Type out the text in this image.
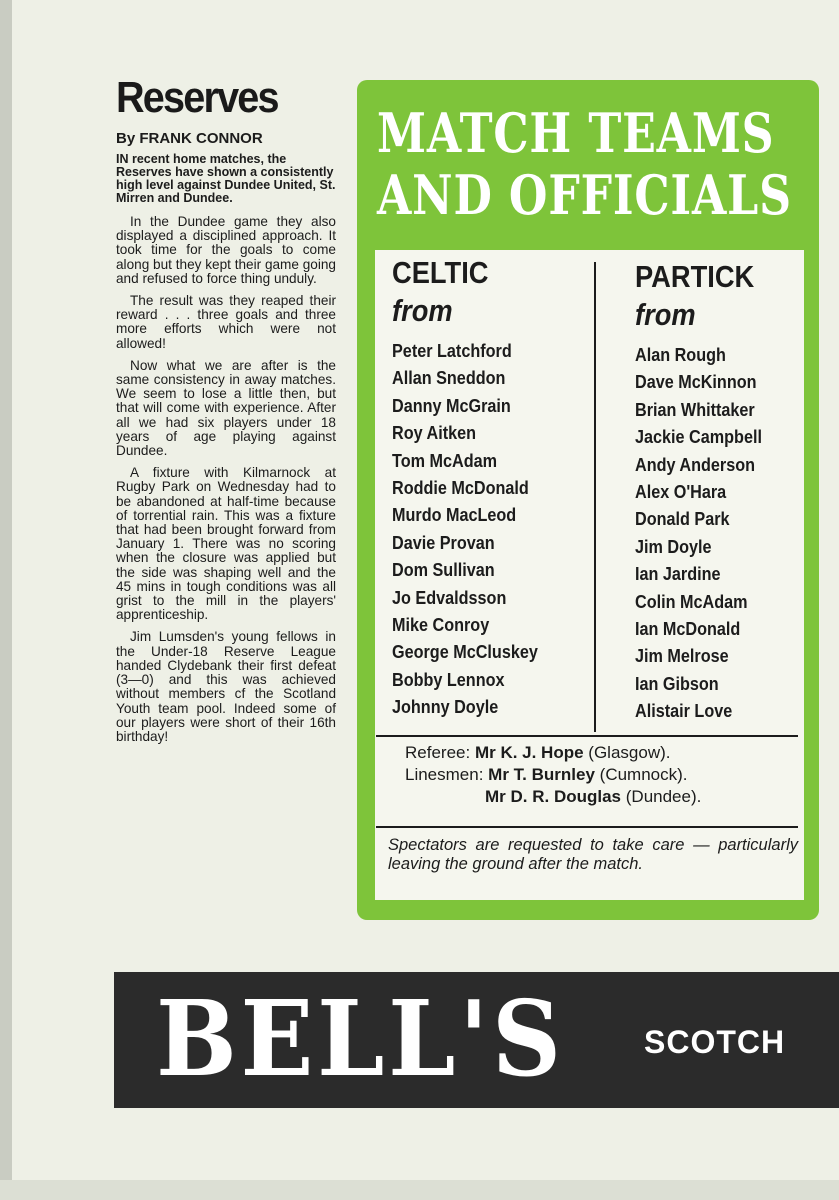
Reserves
By FRANK CONNOR

IN recent home matches, the Reserves have shown a consistently high level against Dundee United, St. Mirren and Dundee.

In the Dundee game they also displayed a disciplined approach. It took time for the goals to come along but they kept their game going and refused to force thing unduly.

The result was they reaped their reward . . . three goals and three more efforts which were not allowed!

Now what we are after is the same consistency in away matches. We seem to lose a little then, but that will come with experience. After all we had six players under 18 years of age playing against Dundee.

A fixture with Kilmarnock at Rugby Park on Wednesday had to be abandoned at half-time because of torrential rain. This was a fixture that had been brought forward from January 1. There was no scoring when the closure was applied but the side was shaping well and the 45 mins in tough conditions was all grist to the mill in the players' apprenticeship.

Jim Lumsden's young fellows in the Under-18 Reserve League handed Clydebank their first defeat (3—0) and this was achieved without members cf the Scotland Youth team pool. Indeed some of our players were short of their 16th birthday!

MATCH TEAMS
AND OFFICIALS
CELTIC
from
Peter Latchford
Allan Sneddon
Danny McGrain
Roy Aitken
Tom McAdam
Roddie McDonald
Murdo MacLeod
Davie Provan
Dom Sullivan
Jo Edvaldsson
Mike Conroy
George McCluskey
Bobby Lennox
Johnny Doyle
PARTICK
from
Alan Rough
Dave McKinnon
Brian Whittaker
Jackie Campbell
Andy Anderson
Alex O'Hara
Donald Park
Jim Doyle
Ian Jardine
Colin McAdam
Ian McDonald
Jim Melrose
Ian Gibson
Alistair Love
Referee: Mr K. J. Hope (Glasgow).
Linesmen: Mr T. Burnley (Cumnock).
Mr D. R. Douglas (Dundee).

Spectators are requested to take care — particularly leaving the ground after the match.

BELL'S SCOTCH
